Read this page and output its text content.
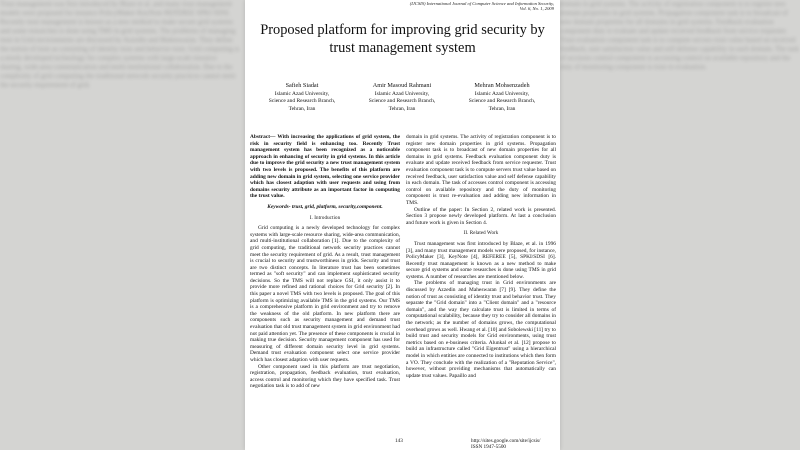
Trust management was first introduced by Blaze et al. and many trust management models were proposed for instance PolicyMaker KeyNote REFEREE SPKI SDSI. Recently trust management is known as a new method to make secure grid systems and some researches is done using TMS in grid systems. The problems of managing trust in Grid environments are discussed by Azzedin and Maheswaran. They define the notion of trust as consisting of identity trust and behavior trust. Grid computing is a newly developed technology for complex systems with large-scale resource sharing, wide-area communication and multi-institutional collaboration. Due to the complexity of grid computing the traditional network security practices cannot meet the security requirement of grid.
domain in grid systems. The activity of registration component is to register new domain properties in grid systems. Propagation component task is to broadcast of new domain properties for all domains in grid systems. Feedback evaluation component duty is evaluate and update received feedback from service requester. Trust evaluation component task is to compute servers trust value based on received feedback, user satisfaction value and self defense capability in each domain. The task of accesses control component is accessing control on available repository and the duty of monitoring component is trust re-evaluation.
(IJCSIS) International Journal of Computer Science and Information Security,
Vol. 6, No. 1, 2009
Proposed platform for improving grid security by trust management system
Safieh Siadat
Islamic Azad University,
Science and Research Branch,
Tehran, Iran
Amir Masoud Rahmani
Islamic Azad University,
Science and Research Branch,
Tehran, Iran
Mehran Mohsenzadeh
Islamic Azad University,
Science and Research Branch,
Tehran, Iran
Abstract— With increasing the applications of grid system, the risk in security field is enhancing too. Recently Trust management system has been recognized as a noticeable approach in enhancing of security in grid systems. In this article due to improve the grid security a new trust management system with two levels is proposed. The benefits of this platform are adding new domain in grid system, selecting one service provider which has closest adaption with user requests and using from domains security attribute as an important factor in computing the trust value.
Keywords- trust, grid, platform, security,component.
I. Introduction

Grid computing is a newly developed technology for complex systems with large-scale resource sharing, wide-area communication, and multi-institutional collaboration [1]. Due to the complexity of grid computing, the traditional network security practices cannot meet the security requirement of grid. As a result, trust management is crucial to security and trustworthiness in grids. Security and trust are two distinct concepts. In literature trust has been sometimes termed as "soft security" and can implement sophisticated security decisions. So the TMS will not replace GSI, it only assist it to provide more refined and rational choices for Grid security [2]. In this paper a novel TMS with two levels is proposed. The goal of this platform is optimizing available TMS in the grid systems. Our TMS is a comprehensive platform in grid environment and try to remove the weakness of the old platform. In new platform there are components such as security management and demand trust evaluation that old trust management system in grid environment had not paid attention yet. The presence of these components is crucial in making true decision. Security management component has used for measuring of different domain security level in grid systems. Demand trust evaluation component select one service provider which has closest adaption with user requests.

Other component used in this platform are trust negotiation, registration, propagation, feedback evaluation, trust evaluation, access control and monitoring which they have specified task. Trust negotiation task is to add of new

domain in grid systems. The activity of registration component is to register new domain properties in grid systems. Propagation component task is to broadcast of new domain properties for all domains in grid systems. Feedback evaluation component duty is evaluate and update received feedback from service requester. Trust evaluation component task is to compute servers trust value based on received feedback, user satisfaction value and self defense capability in each domain. The task of accesses control component is accessing control on available repository and the duty of monitoring component is trust re-evaluation and adding new information in TMS.

Outline of the paper: In Section 2, related work is presented. Section 3 propose newly developed platform. At last a conclusion and future work is given in Section 4.

II. Related Work

Trust management was first introduced by Blaze, et al. in 1996 [3], and many trust management models were proposed, for instance, PolicyMaker [3], KeyNote [4], REFEREE [5], SPKI/SDSI [6]. Recently trust management is known as a new method to make secure grid systems and some researches is done using TMS in grid systems. A number of researches are mentioned below.

The problems of managing trust in Grid environments are discussed by Azzedin and Maheswaran [7] [9]. They define the notion of trust as consisting of identity trust and behavior trust. They separate the "Grid domain" into a "Client domain" and a "resource domain", and the way they calculate trust is limited in terms of computational scalability, because they try to consider all domains in the network; as the number of domains grows, the computational overhead grows as well. Hwang et al. [10] and Sobolewski [11] try to build trust and security models for Grid environments, using trust metrics based on e-business criteria. Alunkal et al. [12] propose to build an infrastructure called "Grid Eigentrust" using a hierarchical model in which entities are connected to institutions which then form a VO. They conclude with the realization of a "Reputation Service", however, without providing mechanisms that automatically can update trust values. Papaillo and

143	http://sites.google.com/site/ijcsis/
ISSN 1947-5500
